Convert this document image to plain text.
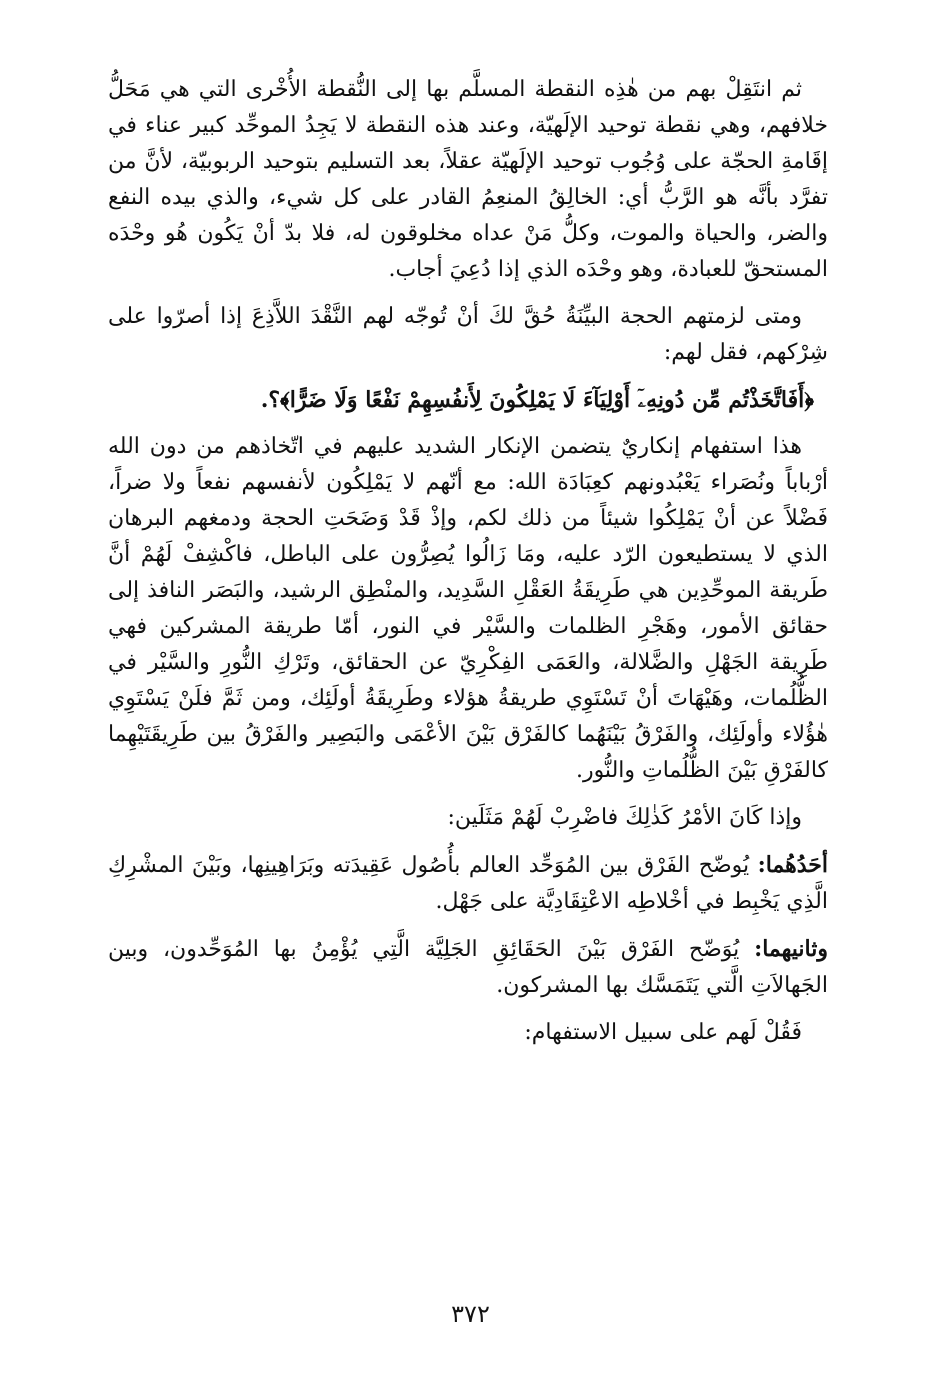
ثم انتَقِلْ بهم من هٰذِه النقطة المسلَّم بها إلى النُّقطة الأُخْرى التي هي مَحَلُّ خلافهم، وهي نقطة توحيد الإلَهيّة، وعند هذه النقطة لا يَجِدُ الموحِّد كبير عناء في إقَامةِ الحجّة على وُجُوب توحيد الإلَهيّة عقلاً، بعد التسليم بتوحيد الربوبيّة، لأنَّ من تفرَّد بأنَّه هو الرَّبُّ أي: الخالِقُ المنعِمُ القادر على كل شيء، والذي بيده النفع والضر، والحياة والموت، وكلُّ مَنْ عداه مخلوقون له، فلا بدّ أنْ يَكُون هُو وحْدَه المستحقّ للعبادة، وهو وحْدَه الذي إذا دُعِيَ أجاب.

ومتى لزمتهم الحجة البيِّنَةُ حُقَّ لكَ أنْ تُوجّه لهم النَّقْدَ اللاَّذِعَ إذا أصرّوا على شِرْكهم، فقل لهم:

﴿أَفَاتَّخَذْتُم مِّن دُونِهِۦٓ أَوْلِيَآءَ لَا يَمْلِكُونَ لِأَنفُسِهِمْ نَفْعًا وَلَا ضَرًّا﴾؟.

هذا استفهام إنكاريٌ يتضمن الإنكار الشديد عليهم في اتّخاذهم من دون الله أرْباباً ونُصَراء يَعْبُدونهم كعِبَادَة الله: مع أنّهم لا يَمْلِكُون لأنفسهم نفعاً ولا ضراً، فَضْلاً عن أنْ يَمْلِكُوا شيئاً من ذلك لكم، وإذْ قَدْ وَضَحَتِ الحجة ودمغهم البرهان الذي لا يستطيعون الرّد عليه، ومَا زَالُوا يُصِرُّون على الباطل، فاكْشِفْ لَهُمْ أنَّ طَريقة الموحِّدِين هي طَرِيقَةُ العَقْلِ السَّدِيد، والمنْطِق الرشيد، والبَصَر النافذ إلى حقائق الأمور، وهَجْرِ الظلمات والسَّيْر في النور، أمّا طريقة المشركين فهي طَرِيقة الجَهْلِ والضَّلالة، والعَمَى الفِكْرِيّ عن الحقائق، وتَرْكِ النُّورِ والسَّيْر في الظُّلُمات، وهَيْهَاتَ أنْ تَسْتَوِي طريقةُ هؤلاء وطَرِيقَةُ أولَئِك، ومن ثَمَّ فلَنْ يَسْتَوِي هٰؤُلاء وأولَئِك، والفَرْقُ بَيْنَهُما كالفَرْق بَيْنَ الأعْمَى والبَصِير والفَرْقُ بين طَرِيقَتَيْهِما كالفَرْقِ بَيْنَ الظُّلُماتِ والنُّور.

وإذا كَانَ الأمْرُ كَذٰلِكَ فاضْرِبْ لَهُمْ مَثَلَين:

أحَدُهُما: يُوضّح الفَرْق بين المُوَحِّد العالم بأُصُول عَقِيدَته وبَرَاهِينِها، وبَيْنَ المشْرِكِ الَّذِي يَخْبِط في أخْلاطِه الاعْتِقَادِيَّة على جَهْل.

وثانيهما: يُوَضّح الفَرْق بَيْنَ الحَقَائِقِ الجَلِيَّة الَّتِي يُؤْمِنُ بها المُوَحِّدون، وبين الجَهالاَتِ الَّتي يَتَمَسَّك بها المشركون.

فَقُلْ لَهم على سبيل الاستفهام:

٣٧٢
